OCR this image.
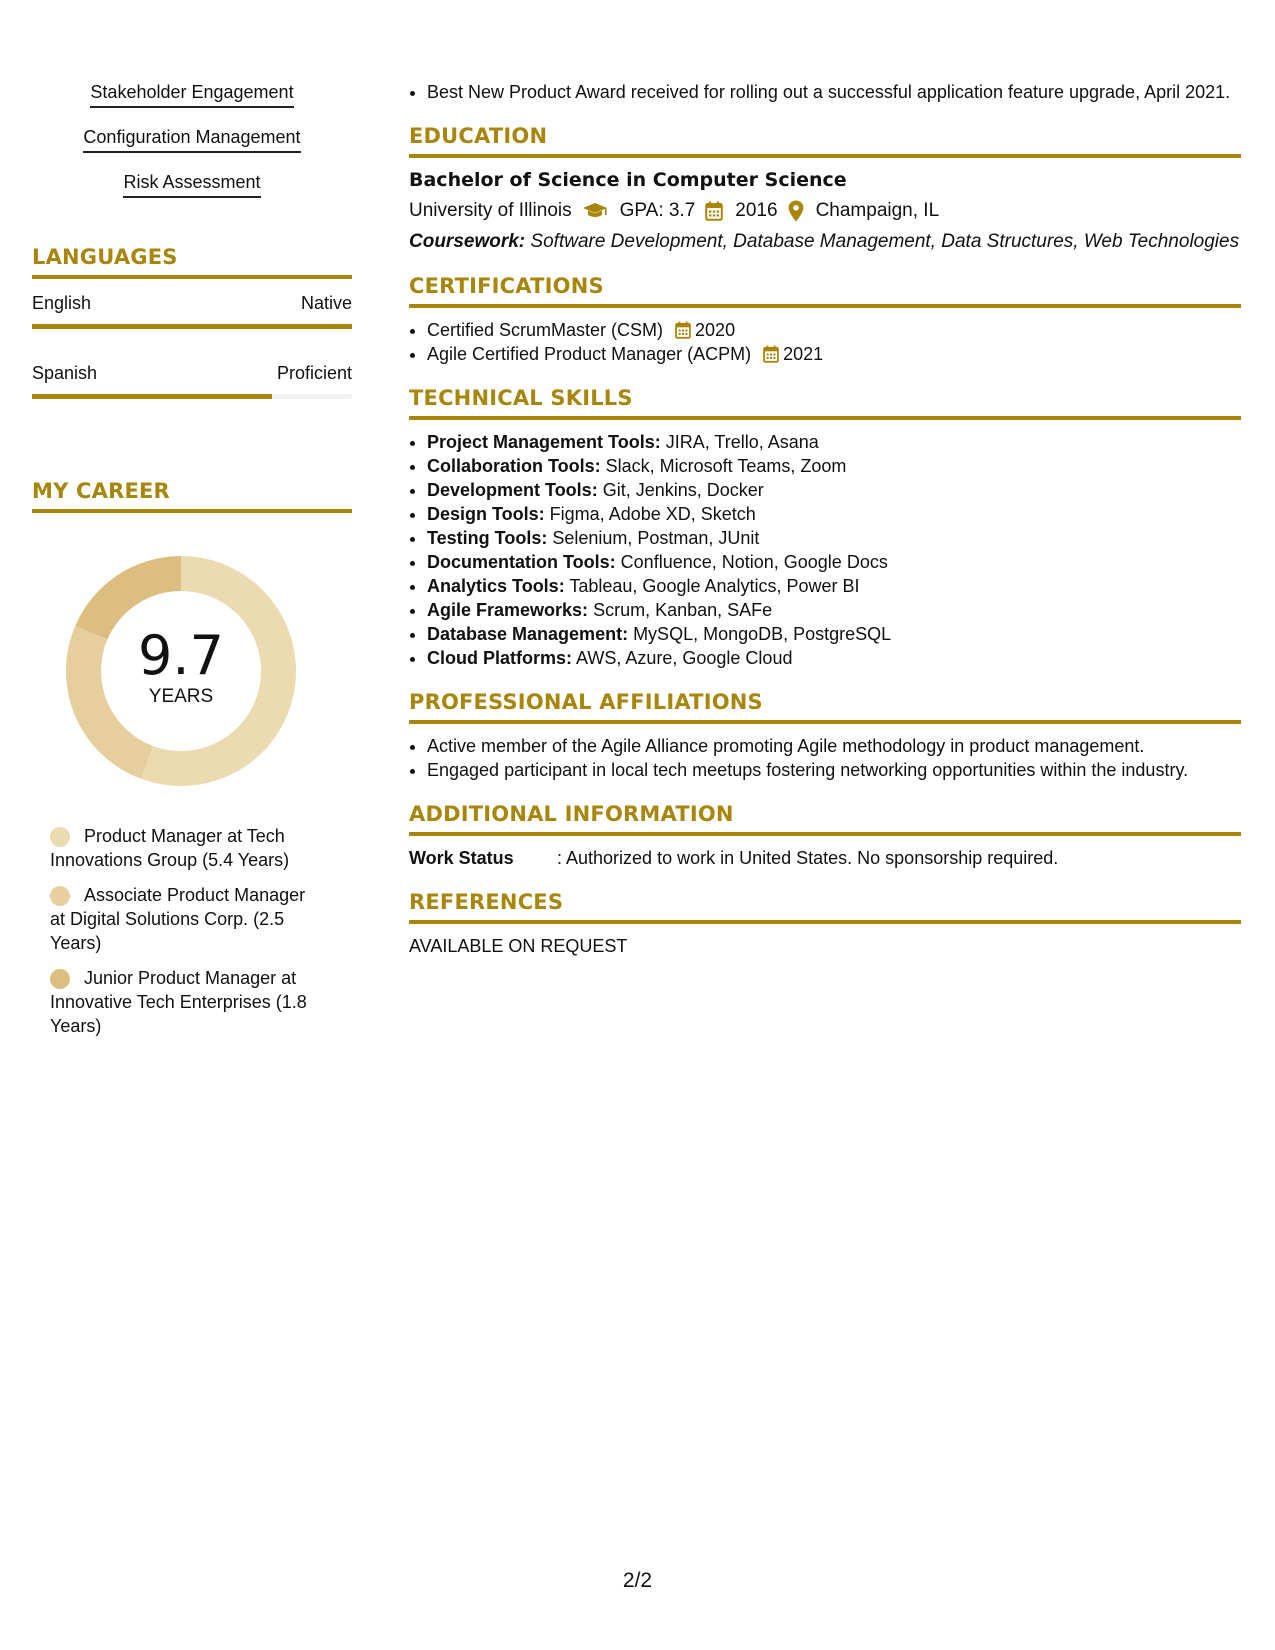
Stakeholder Engagement
Configuration Management
Risk Assessment
LANGUAGES
English	Native
Spanish	Proficient
MY CAREER
9.7
YEARS
Product Manager at Tech Innovations Group (5.4 Years)
Associate Product Manager at Digital Solutions Corp. (2.5 Years)
Junior Product Manager at Innovative Tech Enterprises (1.8 Years)
• Best New Product Award received for rolling out a successful application feature upgrade, April 2021.
EDUCATION
Bachelor of Science in Computer Science
University of Illinois	GPA: 3.7 2016 Champaign, IL
Coursework: Software Development, Database Management, Data Structures, Web Technologies
CERTIFICATIONS
• Certified ScrumMaster (CSM) 2020
• Agile Certified Product Manager (ACPM) 2021
TECHNICAL SKILLS
• Project Management Tools: JIRA, Trello, Asana
• Collaboration Tools: Slack, Microsoft Teams, Zoom
• Development Tools: Git, Jenkins, Docker
• Design Tools: Figma, Adobe XD, Sketch
• Testing Tools: Selenium, Postman, JUnit
• Documentation Tools: Confluence, Notion, Google Docs
• Analytics Tools: Tableau, Google Analytics, Power BI
• Agile Frameworks: Scrum, Kanban, SAFe
• Database Management: MySQL, MongoDB, PostgreSQL
• Cloud Platforms: AWS, Azure, Google Cloud
PROFESSIONAL AFFILIATIONS
• Active member of the Agile Alliance promoting Agile methodology in product management.
• Engaged participant in local tech meetups fostering networking opportunities within the industry.
ADDITIONAL INFORMATION
Work Status	: Authorized to work in United States. No sponsorship required.
REFERENCES
AVAILABLE ON REQUEST
2/2
